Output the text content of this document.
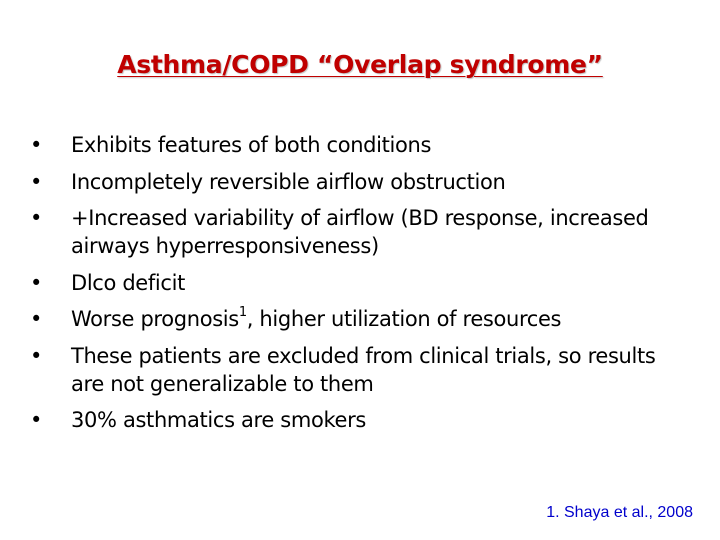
Asthma/COPD “Overlap syndrome”
•	Exhibits features of both conditions
•	Incompletely reversible airflow obstruction
•	+Increased variability of airflow (BD response, increased airways hyperresponsiveness)
•	Dlco deficit
•	Worse prognosis$^1$, higher utilization of resources
•	These patients are excluded from clinical trials, so results are not generalizable to them
•	30% asthmatics are smokers
1. Shaya et al., 2008
